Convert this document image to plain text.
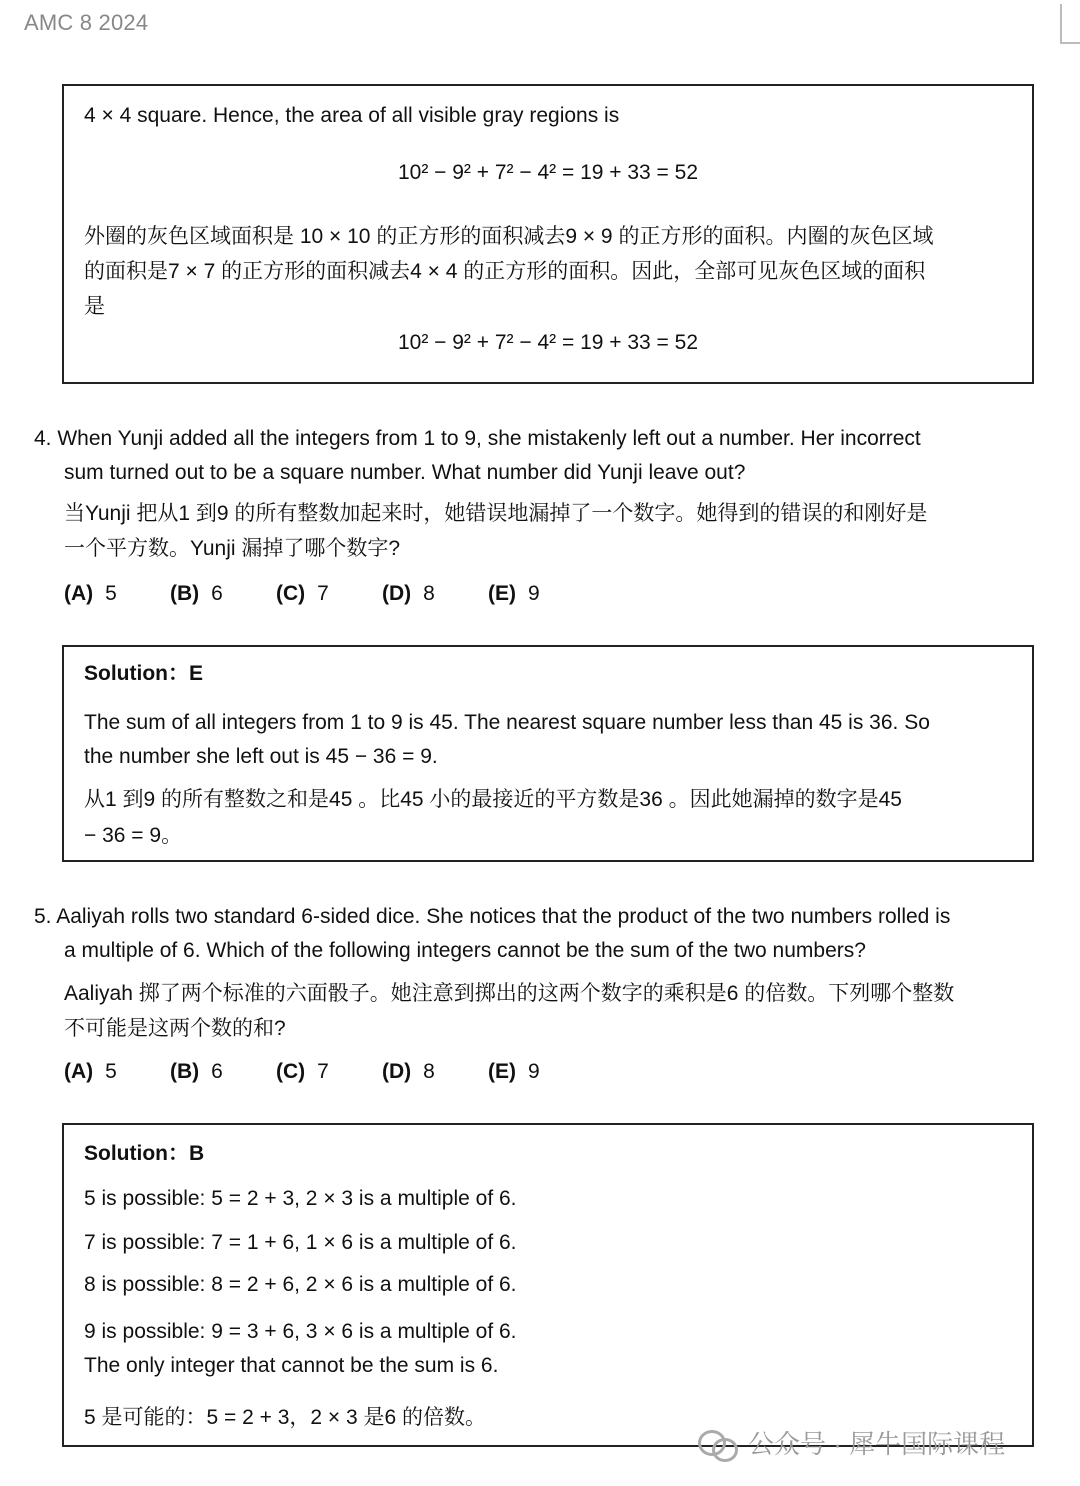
AMC 8 2024
4 × 4 square. Hence, the area of all visible gray regions is
10² − 9² + 7² − 4² = 19 + 33 = 52
外圈的灰色区域面积是 10 × 10 的正方形的面积减去9 × 9 的正方形的面积。内圈的灰色区域
的面积是7 × 7 的正方形的面积减去4 × 4 的正方形的面积。因此，全部可见灰色区域的面积
是
10² − 9² + 7² − 4² = 19 + 33 = 52
4. When Yunji added all the integers from 1 to 9, she mistakenly left out a number. Her incorrect
sum turned out to be a square number. What number did Yunji leave out?
当Yunji 把从1 到9 的所有整数加起来时，她错误地漏掉了一个数字。她得到的错误的和刚好是
一个平方数。Yunji 漏掉了哪个数字?
(A) 5	(B) 6	(C) 7	(D) 8	(E) 9
Solution：E
The sum of all integers from 1 to 9 is 45. The nearest square number less than 45 is 36. So
the number she left out is 45 − 36 = 9.
从1 到9 的所有整数之和是45 。比45 小的最接近的平方数是36 。因此她漏掉的数字是45
− 36 = 9。
5. Aaliyah rolls two standard 6-sided dice. She notices that the product of the two numbers rolled is
a multiple of 6. Which of the following integers cannot be the sum of the two numbers?
Aaliyah 掷了两个标准的六面骰子。她注意到掷出的这两个数字的乘积是6 的倍数。下列哪个整数
不可能是这两个数的和?
(A) 5	(B) 6	(C) 7	(D) 8	(E) 9
Solution：B
5 is possible: 5 = 2 + 3, 2 × 3 is a multiple of 6.
7 is possible: 7 = 1 + 6, 1 × 6 is a multiple of 6.
8 is possible: 8 = 2 + 6, 2 × 6 is a multiple of 6.
9 is possible: 9 = 3 + 6, 3 × 6 is a multiple of 6.
The only integer that cannot be the sum is 6.
5 是可能的：5 = 2 + 3，2 × 3 是6 的倍数。
公众号 · 犀牛国际课程
